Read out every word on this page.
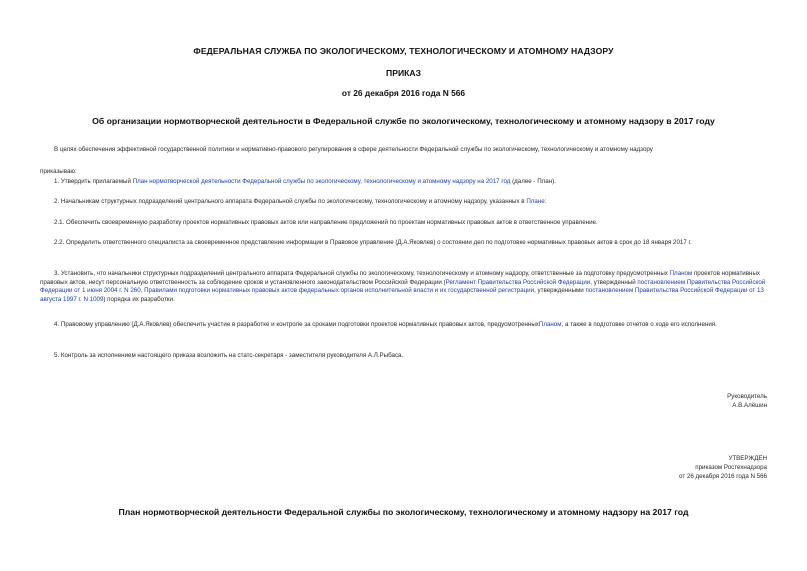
ФЕДЕРАЛЬНАЯ СЛУЖБА ПО ЭКОЛОГИЧЕСКОМУ, ТЕХНОЛОГИЧЕСКОМУ И АТОМНОМУ НАДЗОРУ
ПРИКАЗ
от 26 декабря 2016 года N 566
Об организации нормотворческой деятельности в Федеральной службе по экологическому, технологическому и атомному надзору в 2017 году
В целях обеспечения эффективной государственной политики и нормативно-правового регулирования в сфере деятельности Федеральной службы по экологическому, технологическому и атомному надзору
приказываю:
1. Утвердить прилагаемый План нормотворческой деятельности Федеральной службы по экологическому, технологическому и атомному надзору на 2017 год (далее - План).
2. Начальникам структурных подразделений центрального аппарата Федеральной службы по экологическому, технологическому и атомному надзору, указанных в Плане:
2.1. Обеспечить своевременную разработку проектов нормативных правовых актов или направление предложений по проектам нормативных правовых актов в ответственное управление.
2.2. Определить ответственного специалиста за своевременное представление информации в Правовое управление (Д.А.Яковлев) о состоянии дел по подготовке нормативных правовых актов в срок до 18 января 2017 г.
3. Установить, что начальники структурных подразделений центрального аппарата Федеральной службы по экологическому, технологическому и атомному надзору, ответственные за подготовку предусмотренных Планом проектов нормативных правовых актов, несут персональную ответственность за соблюдение сроков и установленного законодательством Российской Федерации (Регламент Правительства Российской Федерации, утвержденный постановлением Правительства Российской Федерации от 1 июня 2004 г. N 260, Правилами подготовки нормативных правовых актов федеральных органов исполнительной власти и их государственной регистрации, утвержденными постановлением Правительства Российской Федерации от 13 августа 1997 г. N 1009) порядка их разработки.
4. Правовому управлению (Д.А.Яковлев) обеспечить участие в разработке и контроле за сроками подготовки проектов нормативных правовых актов, предусмотренныхПланом, а также в подготовке отчетов о ходе его исполнения.
5. Контроль за исполнением настоящего приказа возложить на статс-секретаря - заместителя руководителя А.Л.Рыбаса.
Руководитель
А.В.Алёшин
УТВЕРЖДЕН
приказом Ростехнадзора
от 26 декабря 2016 года N 566
План нормотворческой деятельности Федеральной службы по экологическому, технологическому и атомному надзору на 2017 год
